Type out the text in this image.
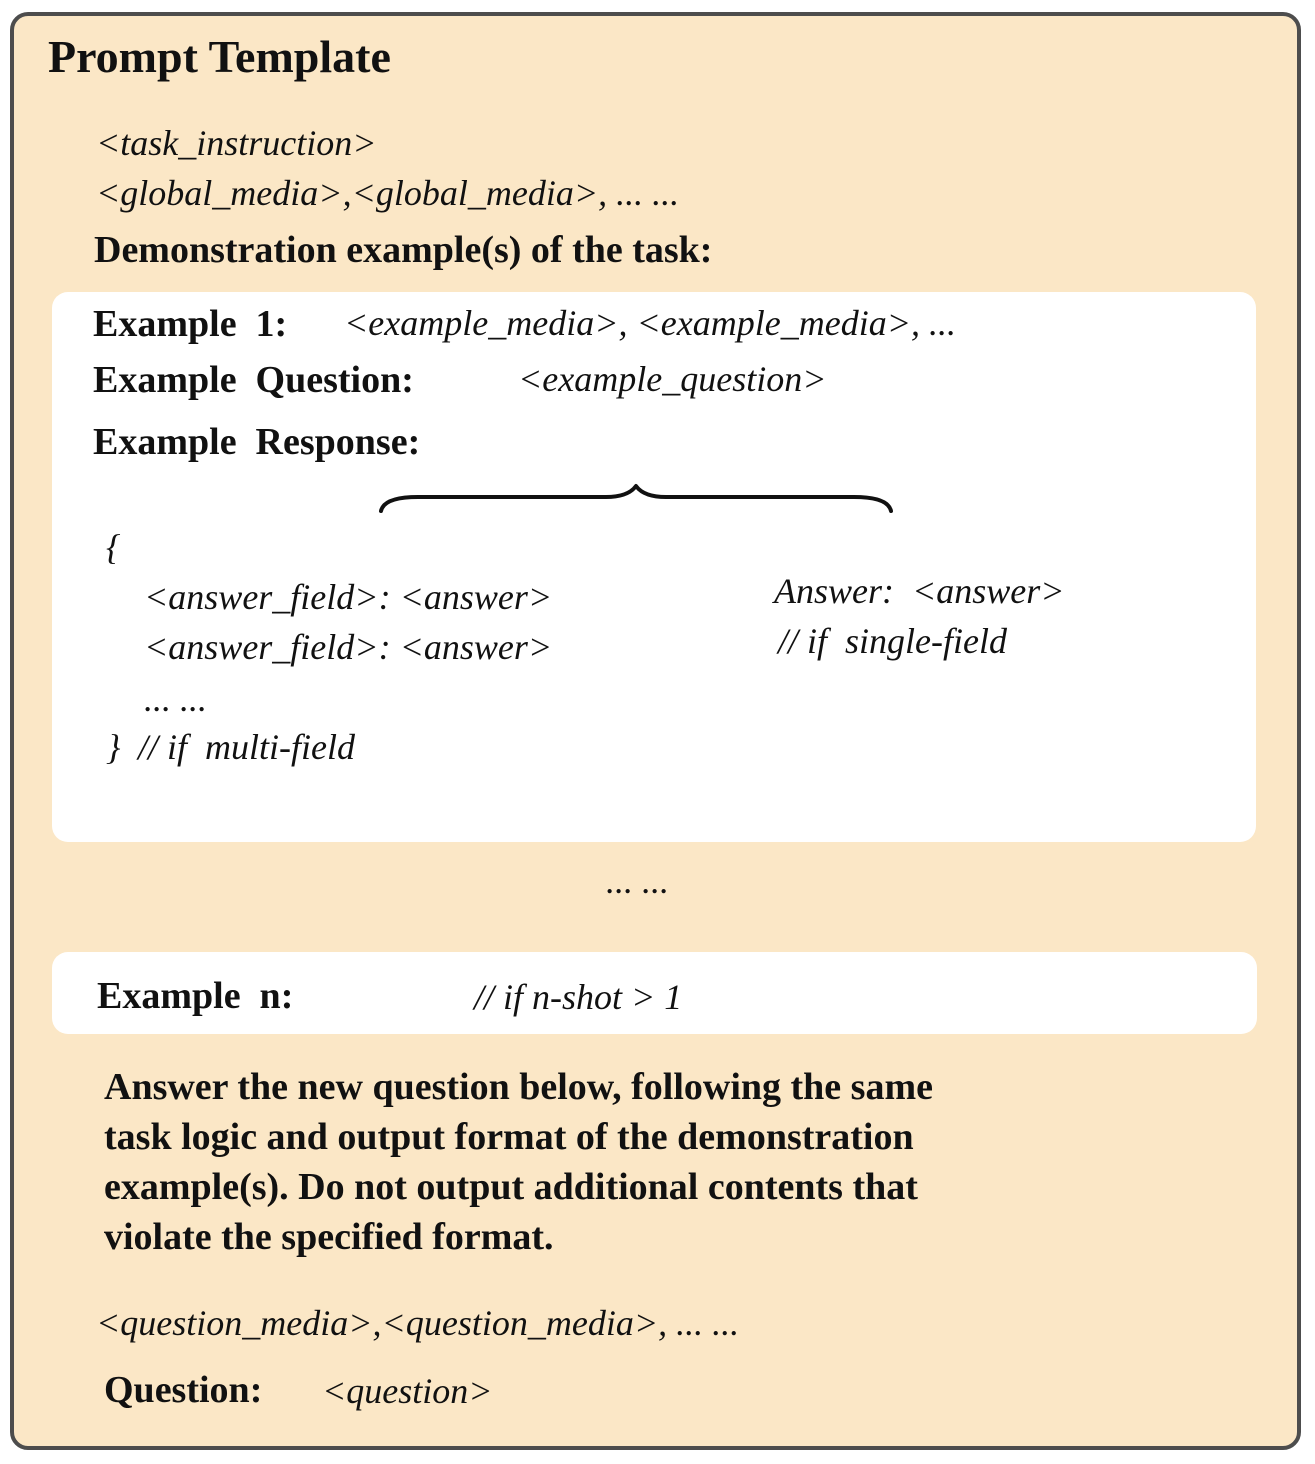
Prompt Template
<task_instruction>
<global_media>,<global_media>, ... ...
Demonstration example(s) of the task:
Example  1: <example_media>, <example_media>, ...
Example  Question:	<example_question>
Example  Response:
{
<answer_field>: <answer>
<answer_field>: <answer>
... ...
} // if  multi-field
Answer:  <answer>
// if  single-field
... ...
Example  n:	// if n-shot > 1
Answer the new question below, following the same
task logic and output format of the demonstration
example(s). Do not output additional contents that
violate the specified format.
<question_media>,<question_media>, ... ...
Question: <question>
